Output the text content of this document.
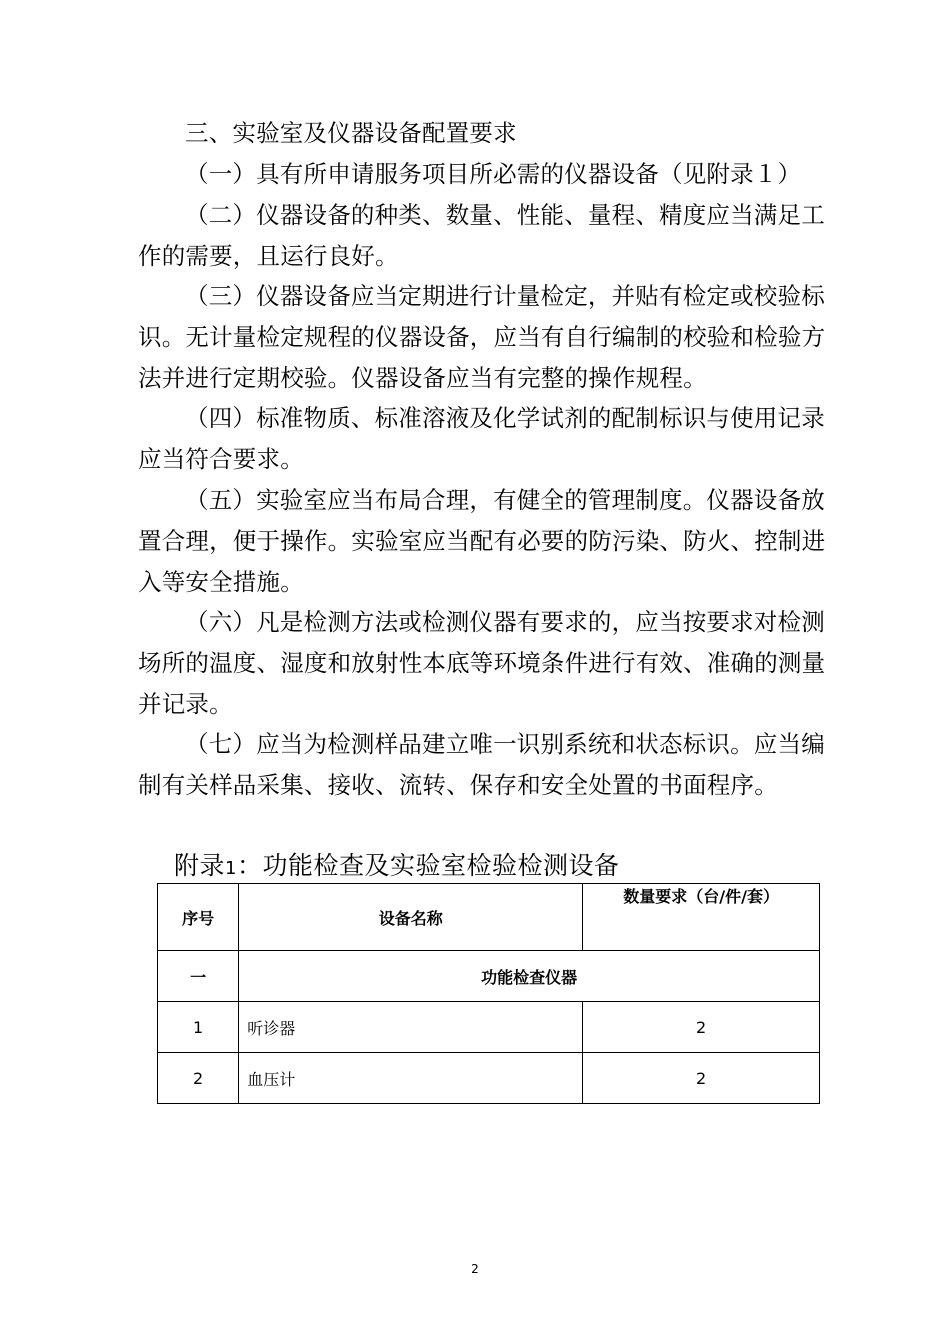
三、实验室及仪器设备配置要求

（一）具有所申请服务项目所必需的仪器设备（见附录１）

（二）仪器设备的种类、数量、性能、量程、精度应当满足工作的需要，且运行良好。

（三）仪器设备应当定期进行计量检定，并贴有检定或校验标识。无计量检定规程的仪器设备，应当有自行编制的校验和检验方法并进行定期校验。仪器设备应当有完整的操作规程。

（四）标准物质、标准溶液及化学试剂的配制标识与使用记录应当符合要求。

（五）实验室应当布局合理，有健全的管理制度。仪器设备放置合理，便于操作。实验室应当配有必要的防污染、防火、控制进入等安全措施。

（六）凡是检测方法或检测仪器有要求的，应当按要求对检测场所的温度、湿度和放射性本底等环境条件进行有效、准确的测量并记录。

（七）应当为检测样品建立唯一识别系统和状态标识。应当编制有关样品采集、接收、流转、保存和安全处置的书面程序。

附录1：功能检查及实验室检验检测设备

序号	设备名称	数量要求（台/件/套）
一	功能检查仪器	
1	听诊器	2
2	血压计	2
2
